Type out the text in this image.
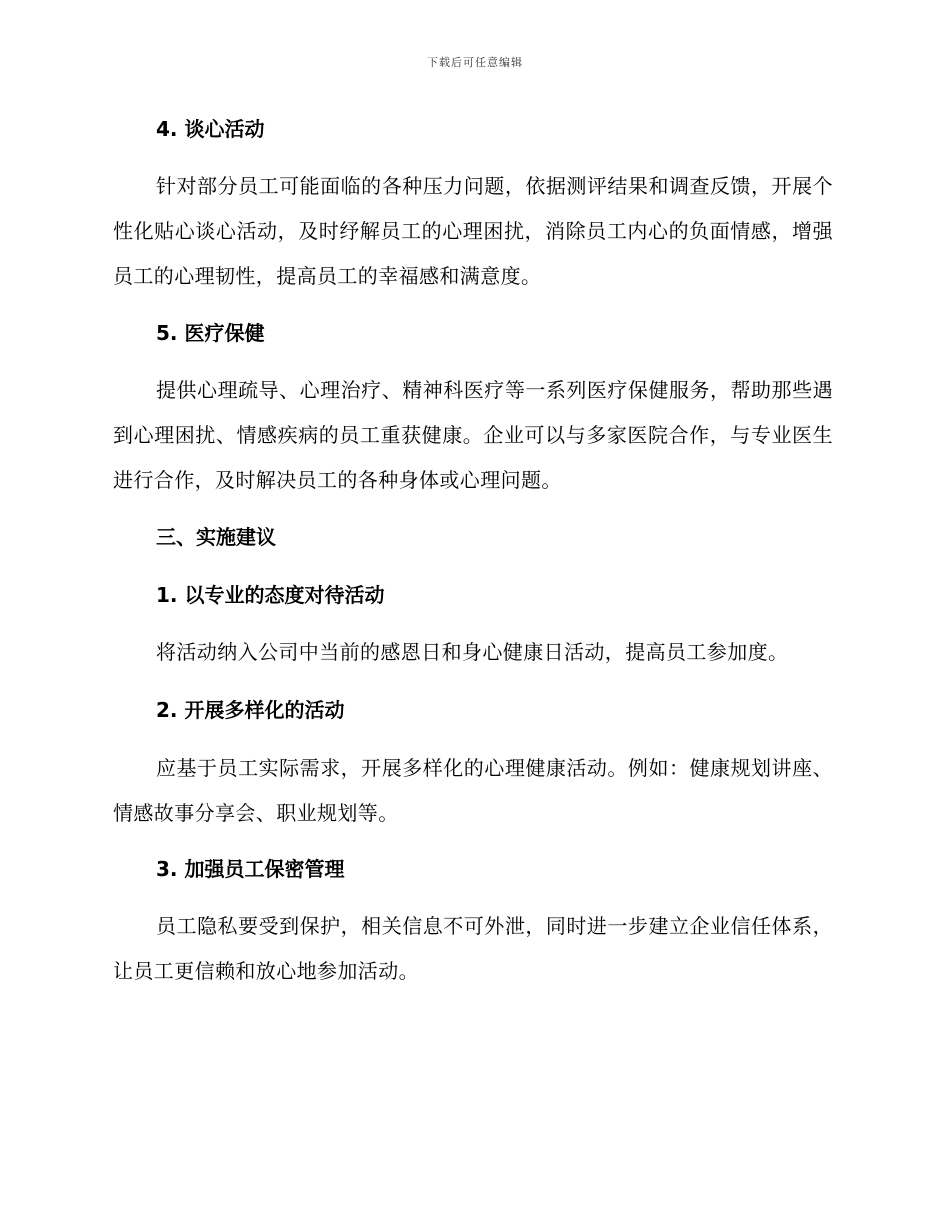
下载后可任意编辑
4. 谈心活动
针对部分员工可能面临的各种压力问题，依据测评结果和调查反馈，开展个性化贴心谈心活动，及时纾解员工的心理困扰，消除员工内心的负面情感，增强员工的心理韧性，提高员工的幸福感和满意度。
5. 医疗保健
提供心理疏导、心理治疗、精神科医疗等一系列医疗保健服务，帮助那些遇到心理困扰、情感疾病的员工重获健康。企业可以与多家医院合作，与专业医生进行合作，及时解决员工的各种身体或心理问题。
三、实施建议
1. 以专业的态度对待活动
将活动纳入公司中当前的感恩日和身心健康日活动，提高员工参加度。
2. 开展多样化的活动
应基于员工实际需求，开展多样化的心理健康活动。例如：健康规划讲座、情感故事分享会、职业规划等。
3. 加强员工保密管理
员工隐私要受到保护，相关信息不可外泄，同时进一步建立企业信任体系，让员工更信赖和放心地参加活动。
